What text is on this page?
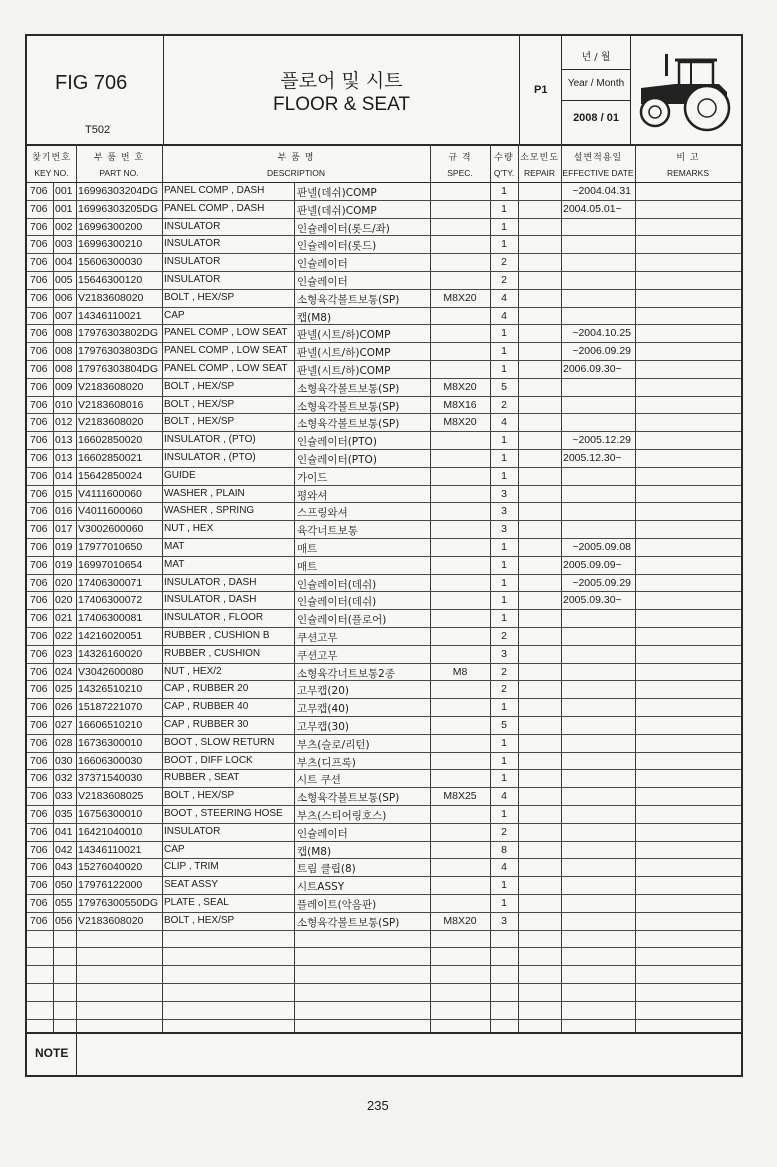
FIG 706
T502
플로어 및 시트
FLOOR & SEAT
P1
년 / 월
Year / Month
2008 / 01
찾기번호
KEY NO.
부 품 번 호
PART NO.
부 품 명
DESCRIPTION
규 격
SPEC.
수량
Q'TY.
소모빈도
REPAIR
설변적용일
EFFECTIVE DATE
비 고
REMARKS
706 001 16996303204DG PANEL COMP , DASH	판넬(데쉬)COMP	1	~2004.04.31
706 001 16996303205DG PANEL COMP , DASH	판넬(데쉬)COMP	1	2004.05.01~
706 002 16996300200	INSULATOR	인슐레이터(롯드/좌)	1
706 003 16996300210	INSULATOR	인슐레이터(롯드)	1
706 004 15606300030	INSULATOR	인슐레이터	2
706 005 15646300120	INSULATOR	인슐레이터	2
706 006 V2183608020	BOLT , HEX/SP	소형육각볼트보통(SP)	M8X20	4
706 007 14346110021	CAP	캡(M8)	4
706 008 17976303802DG PANEL COMP , LOW SEAT 판넬(시트/하)COMP	1	~2004.10.25
706 008 17976303803DG PANEL COMP , LOW SEAT 판넬(시트/하)COMP	1	~2006.09.29
706 008 17976303804DG PANEL COMP , LOW SEAT 판넬(시트/하)COMP	1	2006.09.30~
706 009 V2183608020	BOLT , HEX/SP	소형육각볼트보통(SP)	M8X20	5
706 010 V2183608016	BOLT , HEX/SP	소형육각볼트보통(SP)	M8X16	2
706 012 V2183608020	BOLT , HEX/SP	소형육각볼트보통(SP)	M8X20	4
706 013 16602850020	INSULATOR , (PTO)	인슐레이터(PTO)	1	~2005.12.29
706 013 16602850021	INSULATOR , (PTO)	인슐레이터(PTO)	1	2005.12.30~
706 014 15642850024	GUIDE	가이드	1
706 015 V4111600060	WASHER , PLAIN	평와셔	3
706 016 V4011600060	WASHER , SPRING	스프링와셔	3
706 017 V3002600060	NUT , HEX	육각너트보통	3
706 019 17977010650	MAT	매트	1	~2005.09.08
706 019 16997010654	MAT	매트	1	2005.09.09~
706 020 17406300071	INSULATOR , DASH	인슐레이터(데쉬)	1	~2005.09.29
706 020 17406300072	INSULATOR , DASH	인슐레이터(데쉬)	1	2005.09.30~
706 021 17406300081	INSULATOR , FLOOR	인슐레이터(플로어)	1
706 022 14216020051	RUBBER , CUSHION B	쿠션고무	2
706 023 14326160020	RUBBER , CUSHION	쿠션고무	3
706 024 V3042600080	NUT , HEX/2	소형육각너트보통2종	M8	2
706 025 14326510210	CAP , RUBBER 20	고무캡(20)	2
706 026 15187221070	CAP , RUBBER 40	고무캡(40)	1
706 027 16606510210	CAP , RUBBER 30	고무캡(30)	5
706 028 16736300010	BOOT , SLOW RETURN	부츠(슬로/리턴)	1
706 030 16606300030	BOOT , DIFF LOCK	부츠(디프록)	1
706 032 37371540030	RUBBER , SEAT	시트 쿠션	1
706 033 V2183608025	BOLT , HEX/SP	소형육각볼트보통(SP)	M8X25	4
706 035 16756300010	BOOT , STEERING HOSE	부츠(스티어링호스)	1
706 041 16421040010	INSULATOR	인슐레이터	2
706 042 14346110021	CAP	캡(M8)	8
706 043 15276040020	CLIP , TRIM	트림 클립(8)	4
706 050 17976122000	SEAT ASSY	시트ASSY	1
706 055 17976300550DG PLATE , SEAL	플레이트(악음판)	1
706 056 V2183608020	BOLT , HEX/SP	소형육각볼트보통(SP)	M8X20	3
NOTE
235
